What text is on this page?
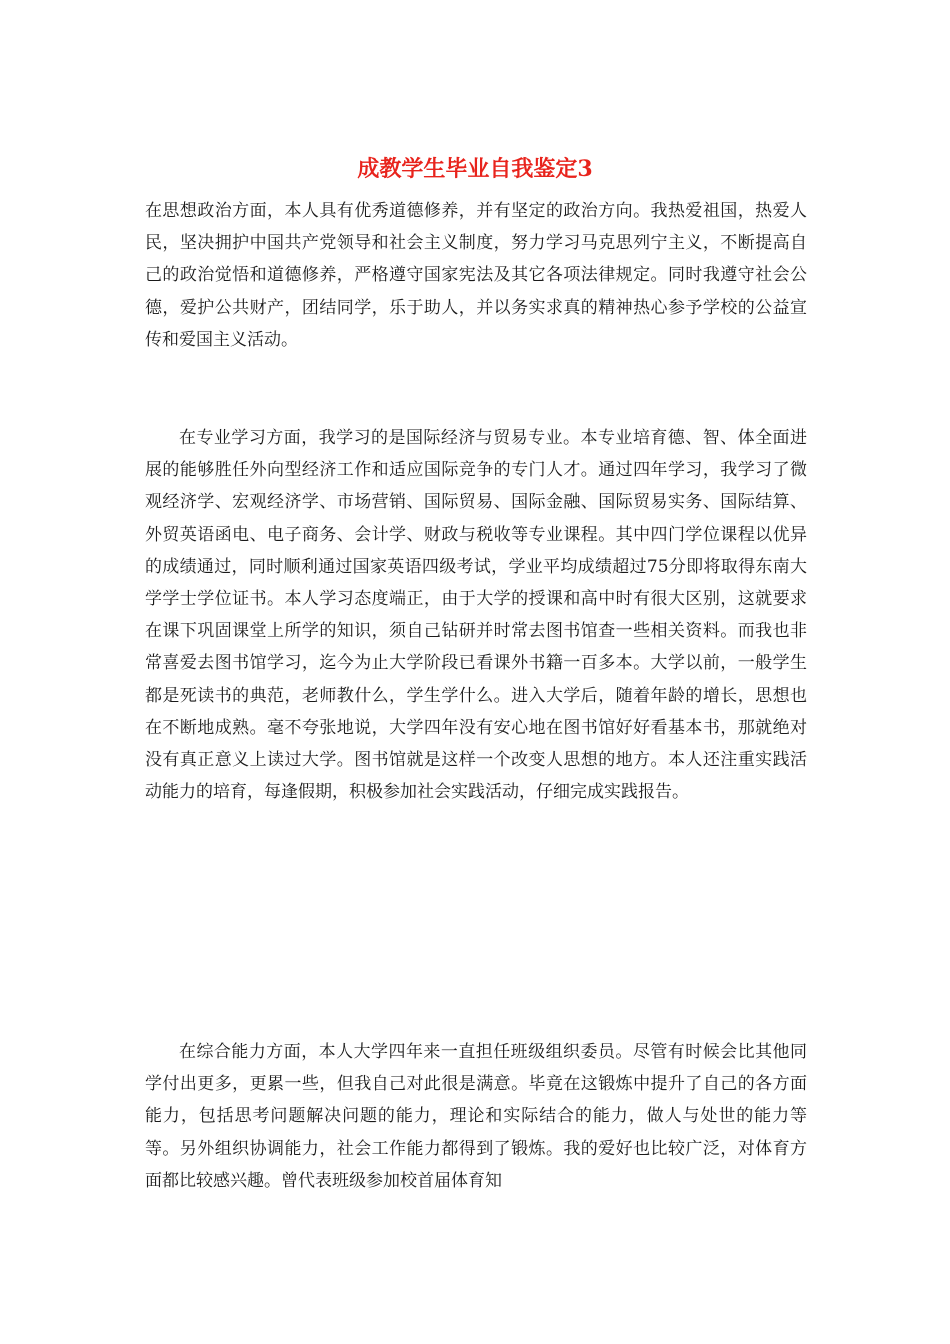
成教学生毕业自我鉴定3

在思想政治方面，本人具有优秀道德修养，并有坚定的政治方向。我热爱祖国，热爱人民，坚决拥护中国共产党领导和社会主义制度，努力学习马克思列宁主义，不断提高自己的政治觉悟和道德修养，严格遵守国家宪法及其它各项法律规定。同时我遵守社会公德，爱护公共财产，团结同学，乐于助人，并以务实求真的精神热心参予学校的公益宣传和爱国主义活动。

在专业学习方面，我学习的是国际经济与贸易专业。本专业培育德、智、体全面进展的能够胜任外向型经济工作和适应国际竞争的专门人才。通过四年学习，我学习了微观经济学、宏观经济学、市场营销、国际贸易、国际金融、国际贸易实务、国际结算、外贸英语函电、电子商务、会计学、财政与税收等专业课程。其中四门学位课程以优异的成绩通过，同时顺利通过国家英语四级考试，学业平均成绩超过75分即将取得东南大学学士学位证书。本人学习态度端正，由于大学的授课和高中时有很大区别，这就要求在课下巩固课堂上所学的知识，须自己钻研并时常去图书馆查一些相关资料。而我也非常喜爱去图书馆学习，迄今为止大学阶段已看课外书籍一百多本。大学以前，一般学生都是死读书的典范，老师教什么，学生学什么。进入大学后，随着年龄的增长，思想也在不断地成熟。毫不夸张地说，大学四年没有安心地在图书馆好好看基本书，那就绝对没有真正意义上读过大学。图书馆就是这样一个改变人思想的地方。本人还注重实践活动能力的培育，每逢假期，积极参加社会实践活动，仔细完成实践报告。

在综合能力方面，本人大学四年来一直担任班级组织委员。尽管有时候会比其他同学付出更多，更累一些，但我自己对此很是满意。毕竟在这锻炼中提升了自己的各方面能力，包括思考问题解决问题的能力，理论和实际结合的能力，做人与处世的能力等等。另外组织协调能力，社会工作能力都得到了锻炼。我的爱好也比较广泛，对体育方面都比较感兴趣。曾代表班级参加校首届体育知
